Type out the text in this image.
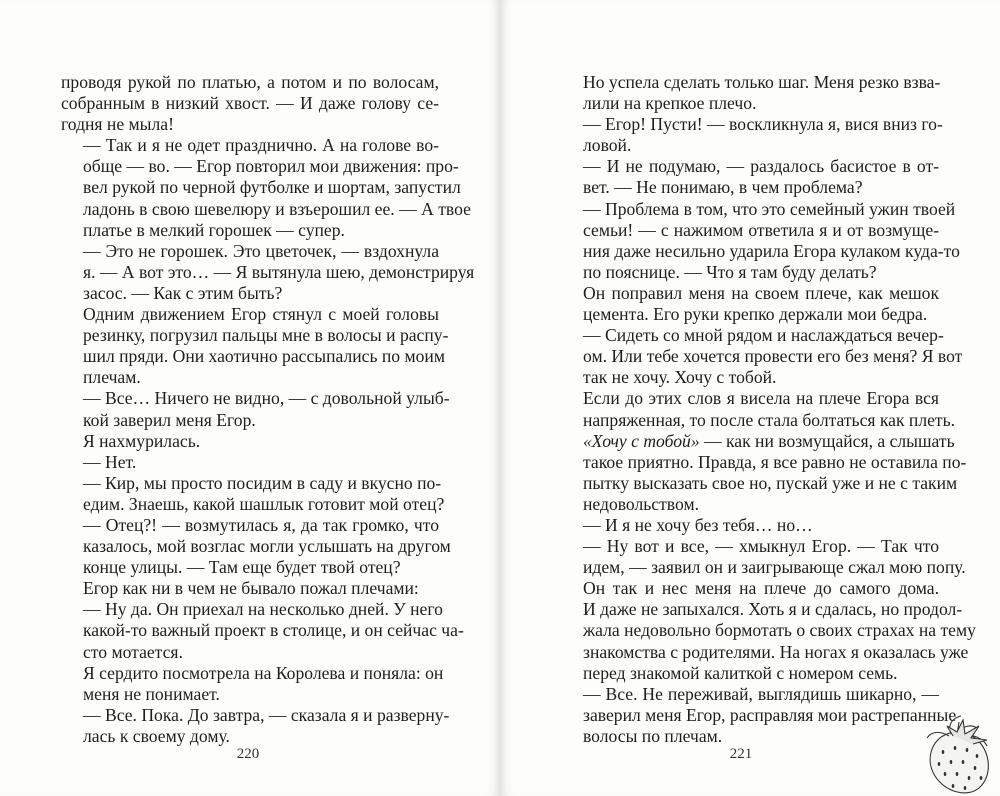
проводя рукой по платью, а потом и по волосам,
собранным в низкий хвост. — И даже голову се-
годня не мыла!

— Так и я не одет празднично. А на голове во-
обще — во. — Егор повторил мои движения: про-
вел рукой по черной футболке и шортам, запустил
ладонь в свою шевелюру и взъерошил ее. — А твое
платье в мелкий горошек — супер.

— Это не горошек. Это цветочек, — вздохнула
я. — А вот это… — Я вытянула шею, демонстрируя
засос. — Как с этим быть?

Одним движением Егор стянул с моей головы
резинку, погрузил пальцы мне в волосы и распу-
шил пряди. Они хаотично рассыпались по моим
плечам.

— Все… Ничего не видно, — с довольной улыб-
кой заверил меня Егор.

Я нахмурилась.

— Нет.

— Кир, мы просто посидим в саду и вкусно по-
едим. Знаешь, какой шашлык готовит мой отец?

— Отец?! — возмутилась я, да так громко, что
казалось, мой возглас могли услышать на другом
конце улицы. — Там еще будет твой отец?

Егор как ни в чем не бывало пожал плечами:

— Ну да. Он приехал на несколько дней. У него
какой-то важный проект в столице, и он сейчас ча-
сто мотается.

Я сердито посмотрела на Королева и поняла: он
меня не понимает.

— Все. Пока. До завтра, — сказала я и развернy-
лась к своему дому.

220

Но успела сделать только шаг. Меня резко взва-
лили на крепкое плечо.

— Егор! Пусти! — воскликнула я, вися вниз го-
ловой.

— И не подумаю, — раздалось басистое в от-
вет. — Не понимаю, в чем проблема?

— Проблема в том, что это семейный ужин твоей
семьи! — с нажимом ответила я и от возмуще-
ния даже несильно ударила Егора кулаком куда-то
по пояснице. — Что я там буду делать?

Он поправил меня на своем плече, как мешок
цемента. Его руки крепко держали мои бедра.

— Сидеть со мной рядом и наслаждаться вечер-
ом. Или тебе хочется провести его без меня? Я вот
так не хочу. Хочу с тобой.

Если до этих слов я висела на плече Егора вся
напряженная, то после стала болтаться как плеть.
«Хочу с тобой» — как ни возмущайся, а слышать
такое приятно. Правда, я все равно не оставила по-
пытку высказать свое но, пускай уже и не с таким
недовольством.

— И я не хочу без тебя… но…

— Ну вот и все, — хмыкнул Егор. — Так что
идем, — заявил он и заигрывающе сжал мою попу.

Он так и нес меня на плече до самого дома.
И даже не запыхался. Хоть я и сдалась, но продол-
жала недовольно бормотать о своих страхах на тему
знакомства с родителями. На ногах я оказалась уже
перед знакомой калиткой с номером семь.

— Все. Не переживай, выглядишь шикарно, —
заверил меня Егор, расправляя мои растрепанные
волосы по плечам.

221
